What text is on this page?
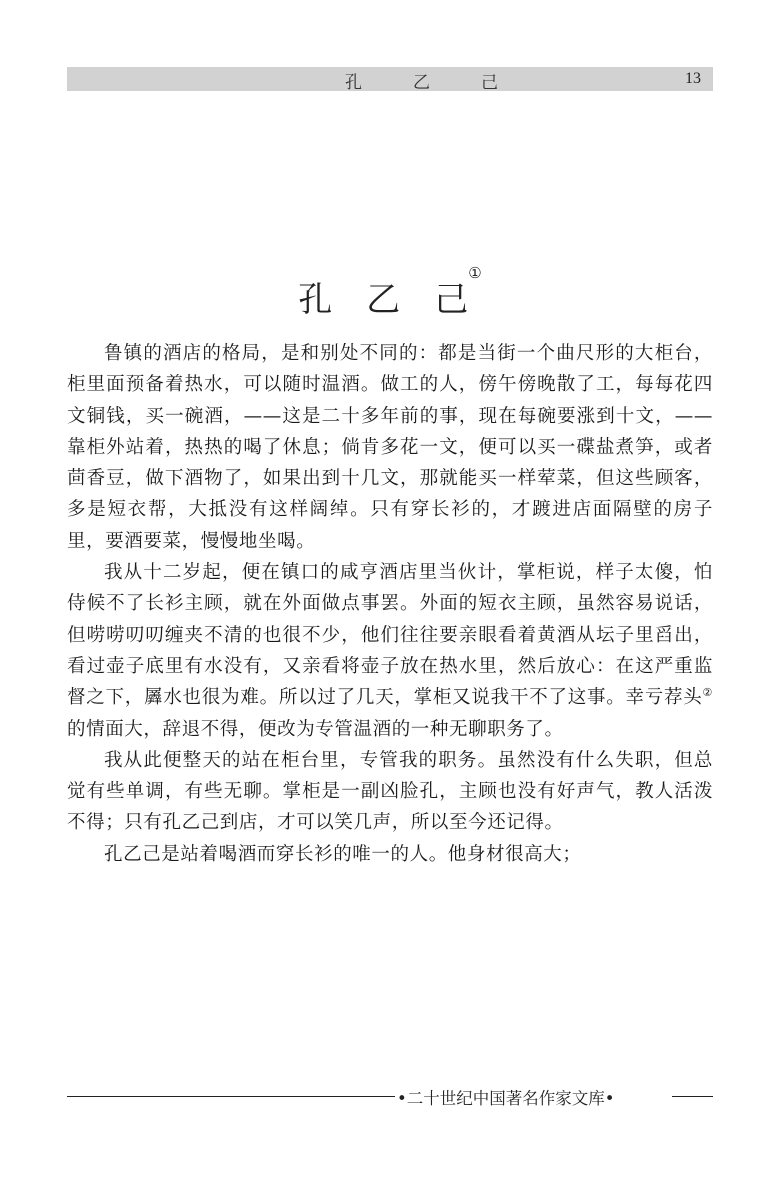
孔　　　乙　　　己	13
孔　乙　己①

鲁镇的酒店的格局，是和别处不同的：都是当街一个曲尺形的大柜台，柜里面预备着热水，可以随时温酒。做工的人，傍午傍晚散了工，每每花四文铜钱，买一碗酒，——这是二十多年前的事，现在每碗要涨到十文，——靠柜外站着，热热的喝了休息；倘肯多花一文，便可以买一碟盐煮笋，或者茴香豆，做下酒物了，如果出到十几文，那就能买一样荤菜，但这些顾客，多是短衣帮，大抵没有这样阔绰。只有穿长衫的，才踱进店面隔壁的房子里，要酒要菜，慢慢地坐喝。

我从十二岁起，便在镇口的咸亨酒店里当伙计，掌柜说，样子太傻，怕侍候不了长衫主顾，就在外面做点事罢。外面的短衣主顾，虽然容易说话，但唠唠叨叨缠夹不清的也很不少，他们往往要亲眼看着黄酒从坛子里舀出，看过壶子底里有水没有，又亲看将壶子放在热水里，然后放心：在这严重监督之下，羼水也很为难。所以过了几天，掌柜又说我干不了这事。幸亏荐头②的情面大，辞退不得，便改为专管温酒的一种无聊职务了。

我从此便整天的站在柜台里，专管我的职务。虽然没有什么失职，但总觉有些单调，有些无聊。掌柜是一副凶脸孔，主顾也没有好声气，教人活泼不得；只有孔乙己到店，才可以笑几声，所以至今还记得。

孔乙己是站着喝酒而穿长衫的唯一的人。他身材很高大；

•二十世纪中国著名作家文库•
